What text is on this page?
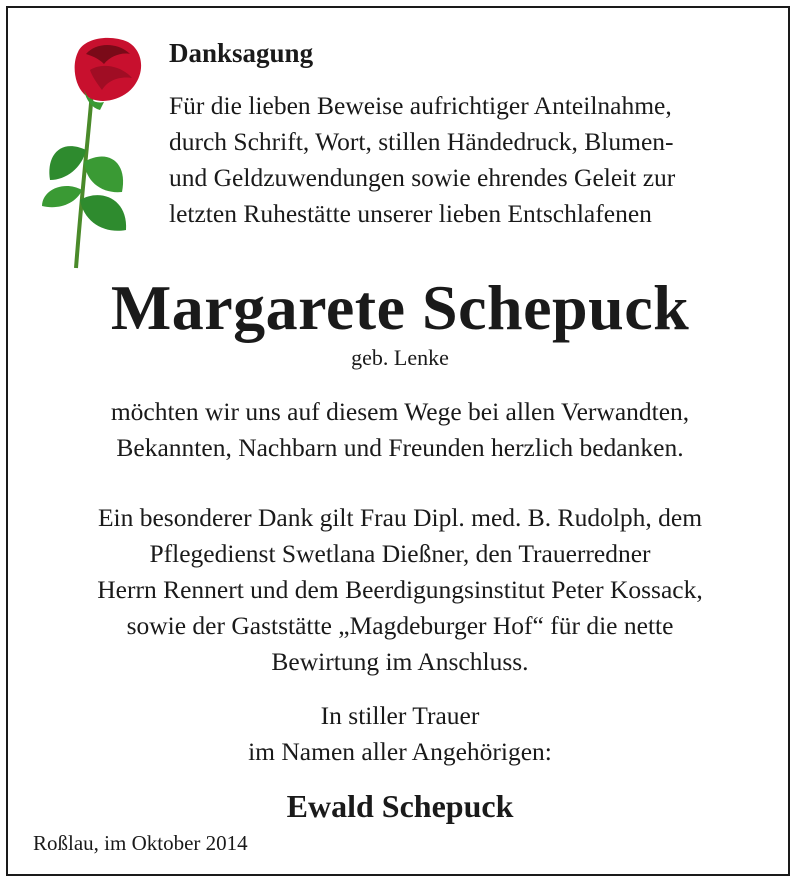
Danksagung
Für die lieben Beweise aufrichtiger Anteilnahme,
durch Schrift, Wort, stillen Händedruck, Blumen-
und Geldzuwendungen sowie ehrendes Geleit zur
letzten Ruhestätte unserer lieben Entschlafenen
Margarete Schepuck
geb. Lenke
möchten wir uns auf diesem Wege bei allen Verwandten,
Bekannten, Nachbarn und Freunden herzlich bedanken.
Ein besonderer Dank gilt Frau Dipl. med. B. Rudolph, dem
Pflegedienst Swetlana Dießner, den Trauerredner
Herrn Rennert und dem Beerdigungsinstitut Peter Kossack,
sowie der Gaststätte „Magdeburger Hof“ für die nette
Bewirtung im Anschluss.
In stiller Trauer
im Namen aller Angehörigen:
Ewald Schepuck
Roßlau, im Oktober 2014
